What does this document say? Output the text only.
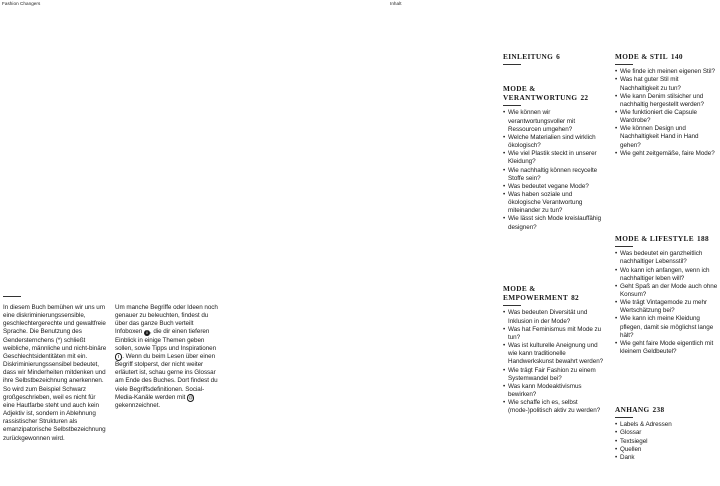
Fashion Changers	Inhalt

In diesem Buch bemühen wir uns um eine diskriminierungssensible, geschlechtergerechte und gewaltfreie Sprache. Die Benutzung des Gendersternchens (*) schließt weibliche, männliche und nicht-binäre Geschlechtsidentitäten mit ein. Diskriminierungssensibel bedeutet, dass wir Minderheiten mitdenken und ihre Selbstbezeichnung anerkennen. So wird zum Beispiel Schwarz großgeschrieben, weil es nicht für eine Hautfarbe steht und auch kein Adjektiv ist, sondern in Ablehnung rassistischer Strukturen als emanzipatorische Selbstbezeichnung zurückgewonnen wird.

Um manche Begriffe oder Ideen noch genauer zu beleuchten, findest du über das ganze Buch verteilt Infoboxen i , die dir einen tieferen Einblick in einige Themen geben sollen, sowie Tipps und Inspirationen ! . Wenn du beim Lesen über einen Begriff stolperst, der nicht weiter erläutert ist, schau gerne ins Glossar am Ende des Buches. Dort findest du viele Begriffsdefinitionen. Social-Media-Kanäle werden mit @ gekennzeichnet.

EINLEITUNG 6
MODE &
VERANTWORTUNG 22
• Wie können wir verantwortungsvoller mit Ressourcen umgehen?
• Welche Materialien sind wirklich ökologisch?
• Wie viel Plastik steckt in unserer Kleidung?
• Wie nachhaltig können recycelte Stoffe sein?
• Was bedeutet vegane Mode?
• Was haben soziale und ökologische Verantwortung miteinander zu tun?
• Wie lässt sich Mode kreislauffähig designen?
MODE &
EMPOWERMENT 82
• Was bedeuten Diversität und Inklusion in der Mode?
• Was hat Feminismus mit Mode zu tun?
• Was ist kulturelle Aneignung und wie kann traditionelle Handwerkskunst bewahrt werden?
• Wie trägt Fair Fashion zu einem Systemwandel bei?
• Was kann Modeaktivismus bewirken?
• Wie schaffe ich es, selbst (mode-)politisch aktiv zu werden?
MODE & STIL 140
• Wie finde ich meinen eigenen Stil?
• Was hat guter Stil mit Nachhaltigkeit zu tun?
• Wie kann Denim stilsicher und nachhaltig hergestellt werden?
• Wie funktioniert die Capsule Wardrobe?
• Wie können Design und Nachhaltigkeit Hand in Hand gehen?
• Wie geht zeitgemäße, faire Mode?
MODE & LIFESTYLE 188
• Was bedeutet ein ganzheitlich nachhaltiger Lebensstil?
• Wo kann ich anfangen, wenn ich nachhaltiger leben will?
• Geht Spaß an der Mode auch ohne Konsum?
• Wie trägt Vintagemode zu mehr Wertschätzung bei?
• Wie kann ich meine Kleidung pflegen, damit sie möglichst lange hält?
• Wie geht faire Mode eigentlich mit kleinem Geldbeutel?
ANHANG 238
• Labels & Adressen
• Glossar
• Textsiegel
• Quellen
• Dank
